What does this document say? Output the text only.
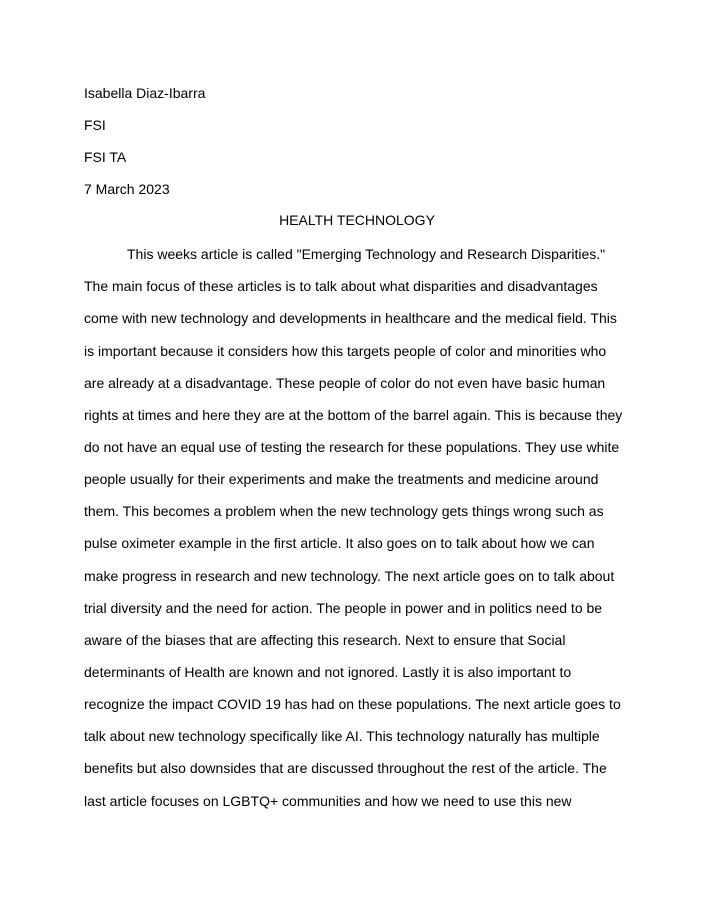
Isabella Diaz-Ibarra
FSI
FSI TA
7 March 2023
HEALTH TECHNOLOGY
This weeks article is called "Emerging Technology and Research Disparities."
The main focus of these articles is to talk about what disparities and disadvantages
come with new technology and developments in healthcare and the medical field. This
is important because it considers how this targets people of color and minorities who
are already at a disadvantage. These people of color do not even have basic human
rights at times and here they are at the bottom of the barrel again. This is because they
do not have an equal use of testing the research for these populations. They use white
people usually for their experiments and make the treatments and medicine around
them. This becomes a problem when the new technology gets things wrong such as
pulse oximeter example in the first article. It also goes on to talk about how we can
make progress in research and new technology. The next article goes on to talk about
trial diversity and the need for action. The people in power and in politics need to be
aware of the biases that are affecting this research. Next to ensure that Social
determinants of Health are known and not ignored. Lastly it is also important to
recognize the impact COVID 19 has had on these populations. The next article goes to
talk about new technology specifically like AI. This technology naturally has multiple
benefits but also downsides that are discussed throughout the rest of the article. The
last article focuses on LGBTQ+ communities and how we need to use this new
